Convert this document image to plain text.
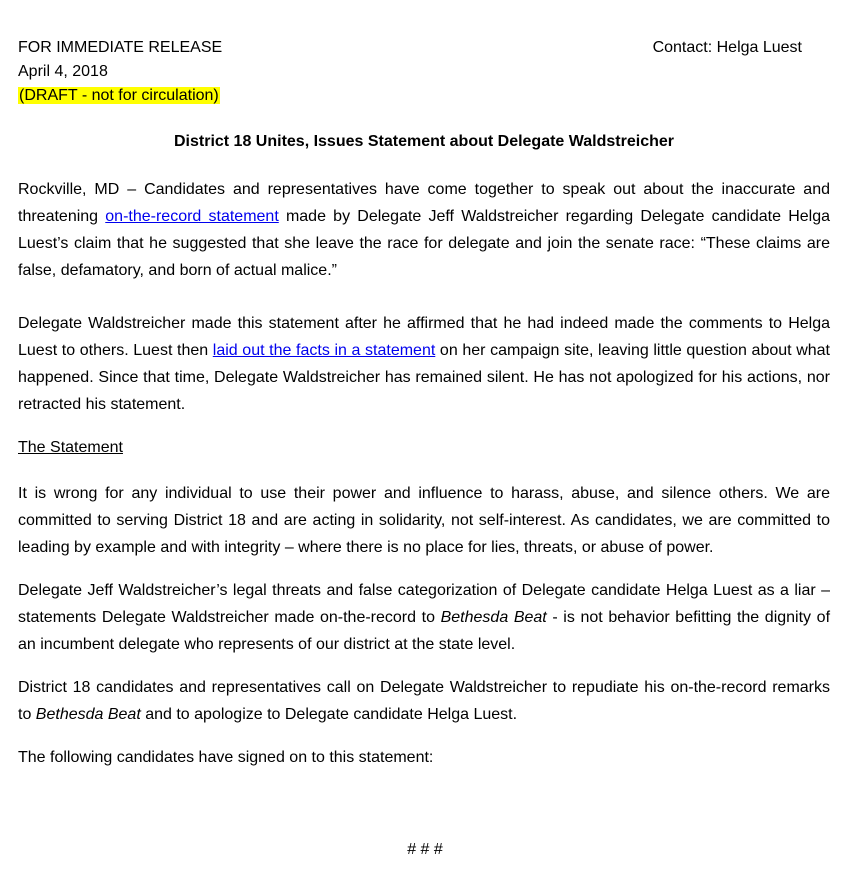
FOR IMMEDIATE RELEASE
April 4, 2018
(DRAFT - not for circulation)
Contact: Helga Luest
District 18 Unites, Issues Statement about Delegate Waldstreicher

Rockville, MD – Candidates and representatives have come together to speak out about the inaccurate and threatening on-the-record statement made by Delegate Jeff Waldstreicher regarding Delegate candidate Helga Luest’s claim that he suggested that she leave the race for delegate and join the senate race: “These claims are false, defamatory, and born of actual malice.”

Delegate Waldstreicher made this statement after he affirmed that he had indeed made the comments to Helga Luest to others. Luest then laid out the facts in a statement on her campaign site, leaving little question about what happened. Since that time, Delegate Waldstreicher has remained silent. He has not apologized for his actions, nor retracted his statement.

The Statement

It is wrong for any individual to use their power and influence to harass, abuse, and silence others. We are committed to serving District 18 and are acting in solidarity, not self-interest. As candidates, we are committed to leading by example and with integrity – where there is no place for lies, threats, or abuse of power.

Delegate Jeff Waldstreicher’s legal threats and false categorization of Delegate candidate Helga Luest as a liar – statements Delegate Waldstreicher made on-the-record to Bethesda Beat - is not behavior befitting the dignity of an incumbent delegate who represents of our district at the state level.

District 18 candidates and representatives call on Delegate Waldstreicher to repudiate his on-the-record remarks to Bethesda Beat and to apologize to Delegate candidate Helga Luest.

The following candidates have signed on to this statement:

# # #
